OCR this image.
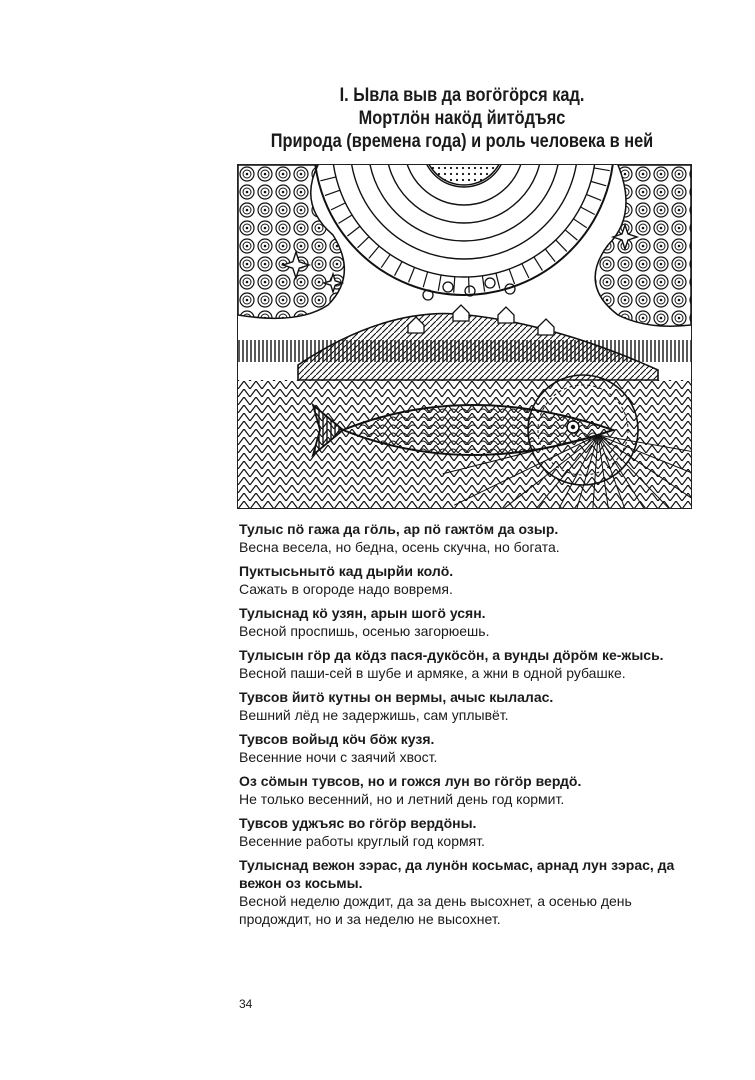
I. Ывла выв да вогöгöрся кад.
Мортлöн накöд йитöдъяс
Природа (времена года) и роль человека в ней
Тулыс пö гажа да гöль, ар пö гажтöм да озыр.
Весна весела, но бедна, осень скучна, но богата.
Пуктысьнытö кад дырйи колö.
Сажать в огороде надо вовремя.
Тулыснад кö узян, арын шогö усян.
Весной проспишь, осенью загорюешь.
Тулысын гöр да кöдз пася-дукöсöн, а вунды дöрöм ке-жысь.
Весной паши-сей в шубе и армяке, а жни в одной рубашке.
Тувсов йитö кутны он вермы, ачыс кылалас.
Вешний лёд не задержишь, сам уплывёт.
Тувсов войыд кöч бöж кузя.
Весенние ночи с заячий хвост.
Оз сöмын тувсов, но и гожся лун во гöгöр вердö.
Не только весенний, но и летний день год кормит.
Тувсов уджъяс во гöгöр вердöны.
Весенние работы круглый год кормят.
Тулыснад вежон зэрас, да лунöн косьмас, арнад лун зэрас, да вежон оз косьмы.
Весной неделю дождит, да за день высохнет, а осенью день продождит, но и за неделю не высохнет.
34
